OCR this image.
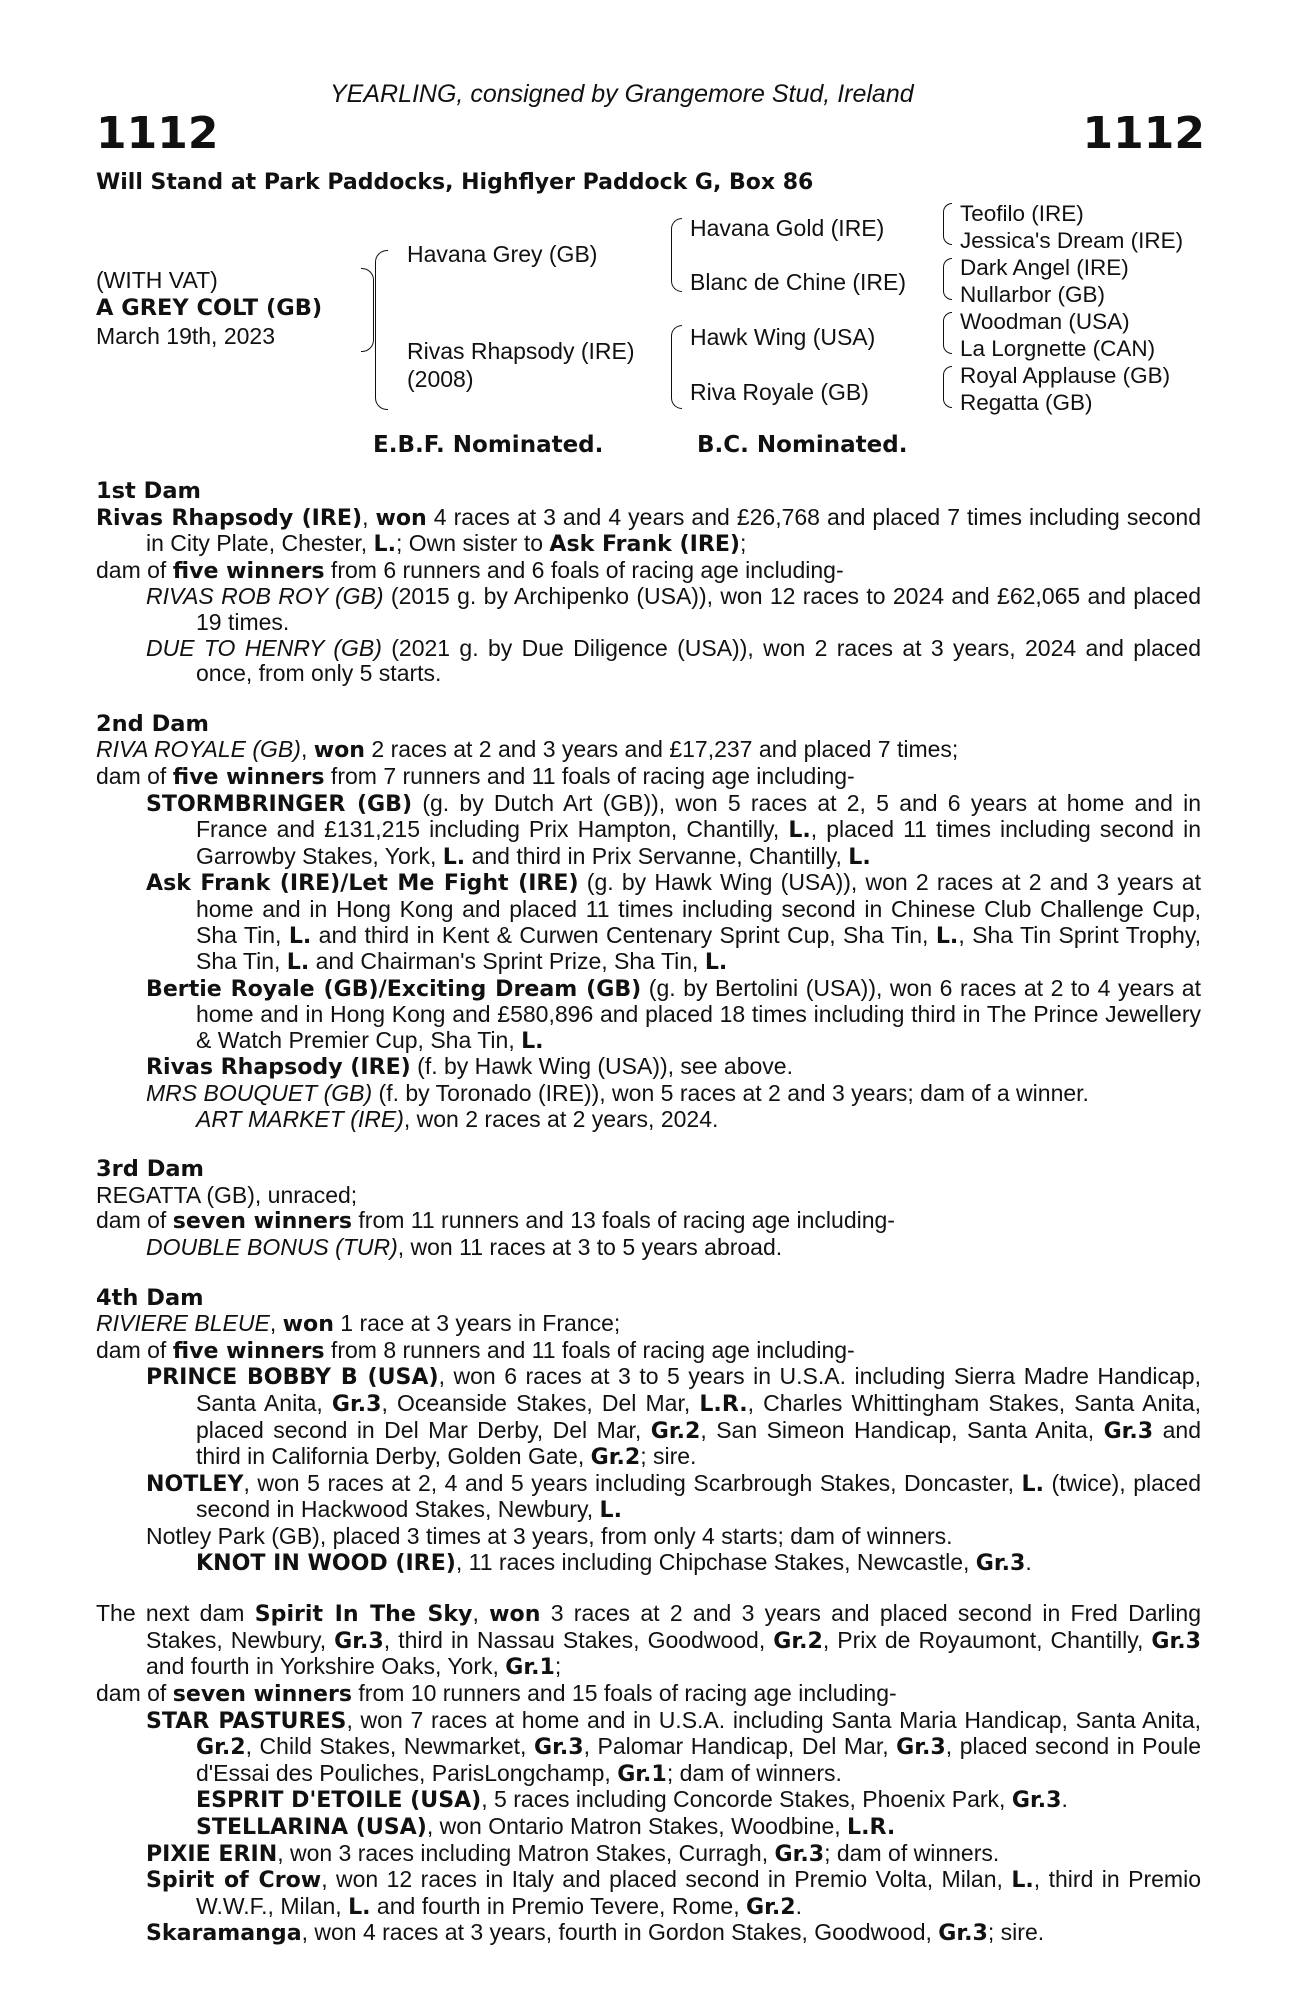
YEARLING, consigned by Grangemore Stud, Ireland
1112	1112
Will Stand at Park Paddocks, Highflyer Paddock G, Box 86
(WITH VAT)
A GREY COLT (GB)
March 19th, 2023
Havana Grey (GB)
Rivas Rhapsody (IRE)
(2008)
Havana Gold (IRE)
Blanc de Chine (IRE)
Hawk Wing (USA)
Riva Royale (GB)
Teofilo (IRE)
Jessica's Dream (IRE)
Dark Angel (IRE)
Nullarbor (GB)
Woodman (USA)
La Lorgnette (CAN)
Royal Applause (GB)
Regatta (GB)
E.B.F. Nominated.	B.C. Nominated.

1st Dam

Rivas Rhapsody (IRE), won 4 races at 3 and 4 years and £26,768 and placed 7 times including second in City Plate, Chester, L.; Own sister to Ask Frank (IRE);

dam of five winners from 6 runners and 6 foals of racing age including-

RIVAS ROB ROY (GB) (2015 g. by Archipenko (USA)), won 12 races to 2024 and £62,065 and placed 19 times.

DUE TO HENRY (GB) (2021 g. by Due Diligence (USA)), won 2 races at 3 years, 2024 and placed once, from only 5 starts.

2nd Dam

RIVA ROYALE (GB), won 2 races at 2 and 3 years and £17,237 and placed 7 times;

dam of five winners from 7 runners and 11 foals of racing age including-

STORMBRINGER (GB) (g. by Dutch Art (GB)), won 5 races at 2, 5 and 6 years at home and in France and £131,215 including Prix Hampton, Chantilly, L., placed 11 times including second in Garrowby Stakes, York, L. and third in Prix Servanne, Chantilly, L.

Ask Frank (IRE)/Let Me Fight (IRE) (g. by Hawk Wing (USA)), won 2 races at 2 and 3 years at home and in Hong Kong and placed 11 times including second in Chinese Club Challenge Cup, Sha Tin, L. and third in Kent & Curwen Centenary Sprint Cup, Sha Tin, L., Sha Tin Sprint Trophy, Sha Tin, L. and Chairman's Sprint Prize, Sha Tin, L.

Bertie Royale (GB)/Exciting Dream (GB) (g. by Bertolini (USA)), won 6 races at 2 to 4 years at home and in Hong Kong and £580,896 and placed 18 times including third in The Prince Jewellery & Watch Premier Cup, Sha Tin, L.

Rivas Rhapsody (IRE) (f. by Hawk Wing (USA)), see above.

MRS BOUQUET (GB) (f. by Toronado (IRE)), won 5 races at 2 and 3 years; dam of a winner.

ART MARKET (IRE), won 2 races at 2 years, 2024.

3rd Dam

REGATTA (GB), unraced;

dam of seven winners from 11 runners and 13 foals of racing age including-

DOUBLE BONUS (TUR), won 11 races at 3 to 5 years abroad.

4th Dam

RIVIERE BLEUE, won 1 race at 3 years in France;

dam of five winners from 8 runners and 11 foals of racing age including-

PRINCE BOBBY B (USA), won 6 races at 3 to 5 years in U.S.A. including Sierra Madre Handicap, Santa Anita, Gr.3, Oceanside Stakes, Del Mar, L.R., Charles Whittingham Stakes, Santa Anita, placed second in Del Mar Derby, Del Mar, Gr.2, San Simeon Handicap, Santa Anita, Gr.3 and third in California Derby, Golden Gate, Gr.2; sire.

NOTLEY, won 5 races at 2, 4 and 5 years including Scarbrough Stakes, Doncaster, L. (twice), placed second in Hackwood Stakes, Newbury, L.

Notley Park (GB), placed 3 times at 3 years, from only 4 starts; dam of winners.

KNOT IN WOOD (IRE), 11 races including Chipchase Stakes, Newcastle, Gr.3.

The next dam Spirit In The Sky, won 3 races at 2 and 3 years and placed second in Fred Darling Stakes, Newbury, Gr.3, third in Nassau Stakes, Goodwood, Gr.2, Prix de Royaumont, Chantilly, Gr.3 and fourth in Yorkshire Oaks, York, Gr.1;

dam of seven winners from 10 runners and 15 foals of racing age including-

STAR PASTURES, won 7 races at home and in U.S.A. including Santa Maria Handicap, Santa Anita, Gr.2, Child Stakes, Newmarket, Gr.3, Palomar Handicap, Del Mar, Gr.3, placed second in Poule d'Essai des Pouliches, ParisLongchamp, Gr.1; dam of winners.

ESPRIT D'ETOILE (USA), 5 races including Concorde Stakes, Phoenix Park, Gr.3.

STELLARINA (USA), won Ontario Matron Stakes, Woodbine, L.R.

PIXIE ERIN, won 3 races including Matron Stakes, Curragh, Gr.3; dam of winners.

Spirit of Crow, won 12 races in Italy and placed second in Premio Volta, Milan, L., third in Premio W.W.F., Milan, L. and fourth in Premio Tevere, Rome, Gr.2.

Skaramanga, won 4 races at 3 years, fourth in Gordon Stakes, Goodwood, Gr.3; sire.
